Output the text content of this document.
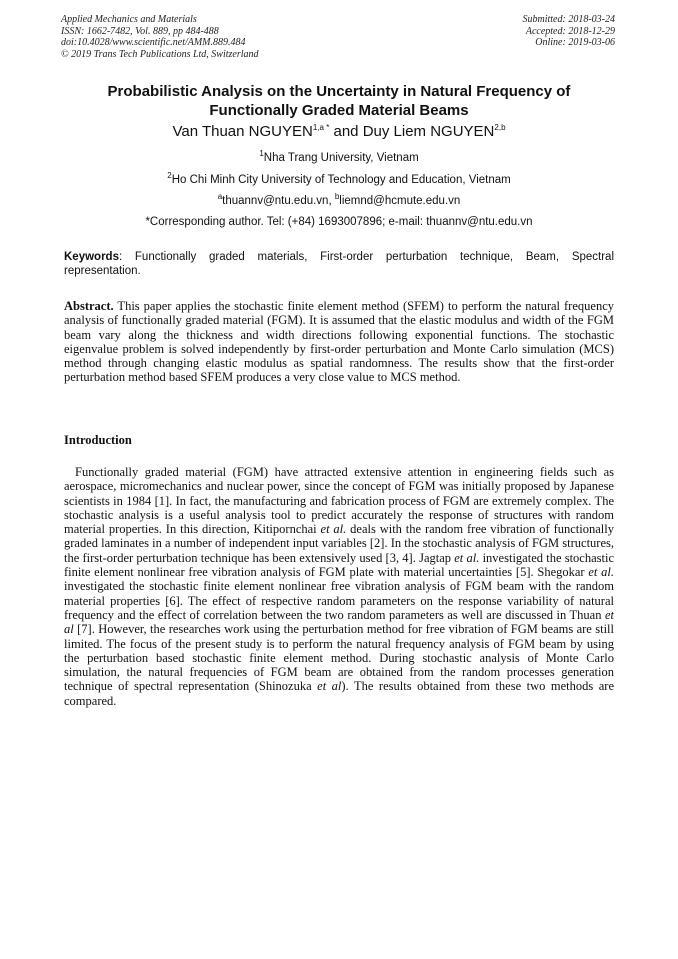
Applied Mechanics and Materials
ISSN: 1662-7482, Vol. 889, pp 484-488
doi:10.4028/www.scientific.net/AMM.889.484
© 2019 Trans Tech Publications Ltd, Switzerland
Submitted: 2018-03-24
Accepted: 2018-12-29
Online: 2019-03-06
Probabilistic Analysis on the Uncertainty in Natural Frequency of
Functionally Graded Material Beams
Van Thuan $NGUYEN^{1,a *}$ and Duy Liem NGUYEN$^{2,b}$
$^1$Nha Trang University, Vietnam
$^2$Ho Chi Minh City University of Technology and Education, Vietnam
$^a$thuannv@ntu.edu.vn, $^b$liemnd@hcmute.edu.vn
*Corresponding author. Tel: (+84) 1693007896; e-mail: thuannv@ntu.edu.vn
Keywords: Functionally graded materials, First-order perturbation technique, Beam, Spectral representation.
Abstract. This paper applies the stochastic finite element method (SFEM) to perform the natural frequency analysis of functionally graded material (FGM). It is assumed that the elastic modulus and width of the FGM beam vary along the thickness and width directions following exponential functions. The stochastic eigenvalue problem is solved independently by first-order perturbation and Monte Carlo simulation (MCS) method through changing elastic modulus as spatial randomness. The results show that the first-order perturbation method based SFEM produces a very close value to MCS method.
Introduction
Functionally graded material (FGM) have attracted extensive attention in engineering fields such as aerospace, micromechanics and nuclear power, since the concept of FGM was initially proposed by Japanese scientists in 1984 [1]. In fact, the manufacturing and fabrication process of FGM are extremely complex. The stochastic analysis is a useful analysis tool to predict accurately the response of structures with random material properties. In this direction, Kitipornchai et al. deals with the random free vibration of functionally graded laminates in a number of independent input variables [2]. In the stochastic analysis of FGM structures, the first-order perturbation technique has been extensively used [3, 4]. Jagtap et al. investigated the stochastic finite element nonlinear free vibration analysis of FGM plate with material uncertainties [5]. Shegokar et al. investigated the stochastic finite element nonlinear free vibration analysis of FGM beam with the random material properties [6]. The effect of respective random parameters on the response variability of natural frequency and the effect of correlation between the two random parameters as well are discussed in Thuan et al [7]. However, the researches work using the perturbation method for free vibration of FGM beams are still limited. The focus of the present study is to perform the natural frequency analysis of FGM beam by using the perturbation based stochastic finite element method. During stochastic analysis of Monte Carlo simulation, the natural frequencies of FGM beam are obtained from the random processes generation technique of spectral representation (Shinozuka et al). The results obtained from these two methods are compared.
